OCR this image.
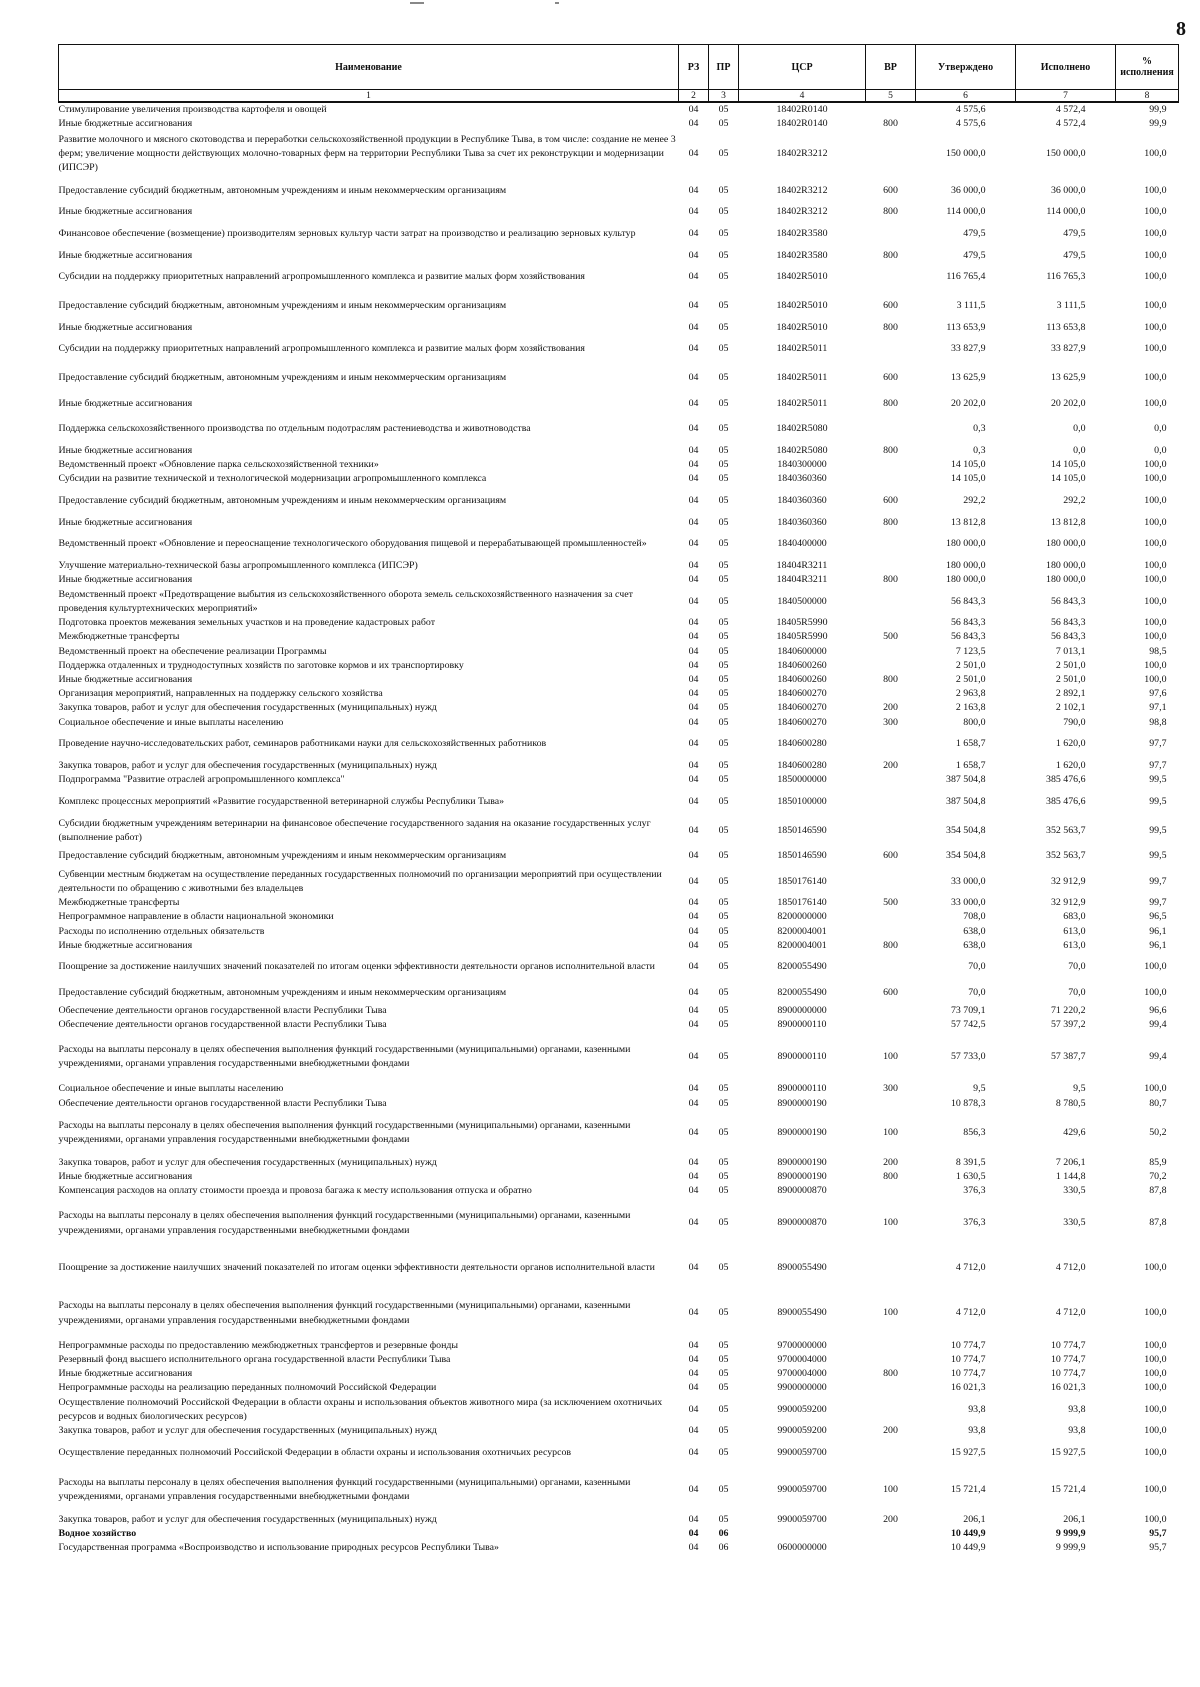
8
Наименование	РЗ	ПР	ЦСР	ВР	Утверждено	Исполнено	% исполнения
1	2	3	4	5	6	7	8
Стимулирование увеличения производства картофеля и овощей	04	05	18402R0140		4 575,6	4 572,4	99,9
Иные бюджетные ассигнования	04	05	18402R0140	800	4 575,6	4 572,4	99,9
Развитие молочного и мясного скотоводства и переработки сельскохозяйственной продукции в Республике Тыва, в том числе: создание не менее 3 ферм; увеличение мощности действующих молочно-товарных ферм на территории Республики Тыва за счет их реконструкции и модернизации (ИПСЭР)	04	05	18402R3212		150 000,0	150 000,0	100,0
Предоставление субсидий бюджетным, автономным учреждениям и иным некоммерческим организациям	04	05	18402R3212	600	36 000,0	36 000,0	100,0
Иные бюджетные ассигнования	04	05	18402R3212	800	114 000,0	114 000,0	100,0
Финансовое обеспечение (возмещение) производителям зерновых культур части затрат на производство и реализацию зерновых культур	04	05	18402R3580		479,5	479,5	100,0
Иные бюджетные ассигнования	04	05	18402R3580	800	479,5	479,5	100,0
Субсидии на поддержку приоритетных направлений агропромышленного комплекса и развитие малых форм хозяйствования	04	05	18402R5010		116 765,4	116 765,3	100,0
Предоставление субсидий бюджетным, автономным учреждениям и иным некоммерческим организациям	04	05	18402R5010	600	3 111,5	3 111,5	100,0
Иные бюджетные ассигнования	04	05	18402R5010	800	113 653,9	113 653,8	100,0
Субсидии на поддержку приоритетных направлений агропромышленного комплекса и развитие малых форм хозяйствования	04	05	18402R5011		33 827,9	33 827,9	100,0
Предоставление субсидий бюджетным, автономным учреждениям и иным некоммерческим организациям	04	05	18402R5011	600	13 625,9	13 625,9	100,0
Иные бюджетные ассигнования	04	05	18402R5011	800	20 202,0	20 202,0	100,0
Поддержка сельскохозяйственного производства по отдельным подотраслям растениеводства и животноводства	04	05	18402R5080		0,3	0,0	0,0
Иные бюджетные ассигнования	04	05	18402R5080	800	0,3	0,0	0,0
Ведомственный проект «Обновление парка сельскохозяйственной техники»	04	05	1840300000		14 105,0	14 105,0	100,0
Субсидии на развитие технической и технологической модернизации агропромышленного комплекса	04	05	1840360360		14 105,0	14 105,0	100,0
Предоставление субсидий бюджетным, автономным учреждениям и иным некоммерческим организациям	04	05	1840360360	600	292,2	292,2	100,0
Иные бюджетные ассигнования	04	05	1840360360	800	13 812,8	13 812,8	100,0
Ведомственный проект «Обновление и переоснащение технологического оборудования пищевой и перерабатывающей промышленностей»	04	05	1840400000		180 000,0	180 000,0	100,0
Улучшение материально-технической базы агропромышленного комплекса (ИПСЭР)	04	05	18404R3211		180 000,0	180 000,0	100,0
Иные бюджетные ассигнования	04	05	18404R3211	800	180 000,0	180 000,0	100,0
Ведомственный проект «Предотвращение выбытия из сельскохозяйственного оборота земель сельскохозяйственного назначения за счет проведения культуртехнических мероприятий»	04	05	1840500000		56 843,3	56 843,3	100,0
Подготовка проектов межевания земельных участков и на проведение кадастровых работ	04	05	18405R5990		56 843,3	56 843,3	100,0
Межбюджетные трансферты	04	05	18405R5990	500	56 843,3	56 843,3	100,0
Ведомственный проект на обеспечение реализации Программы	04	05	1840600000		7 123,5	7 013,1	98,5
Поддержка отдаленных и труднодоступных хозяйств по заготовке кормов и их транспортировку	04	05	1840600260		2 501,0	2 501,0	100,0
Иные бюджетные ассигнования	04	05	1840600260	800	2 501,0	2 501,0	100,0
Организация мероприятий, направленных на поддержку сельского хозяйства	04	05	1840600270		2 963,8	2 892,1	97,6
Закупка товаров, работ и услуг для обеспечения государственных (муниципальных) нужд	04	05	1840600270	200	2 163,8	2 102,1	97,1
Социальное обеспечение и иные выплаты населению	04	05	1840600270	300	800,0	790,0	98,8
Проведение научно-исследовательских работ, семинаров работниками науки для сельскохозяйственных работников	04	05	1840600280		1 658,7	1 620,0	97,7
Закупка товаров, работ и услуг для обеспечения государственных (муниципальных) нужд	04	05	1840600280	200	1 658,7	1 620,0	97,7
Подпрограмма "Развитие отраслей агропромышленного комплекса"	04	05	1850000000		387 504,8	385 476,6	99,5
Комплекс процессных мероприятий «Развитие государственной ветеринарной службы Республики Тыва»	04	05	1850100000		387 504,8	385 476,6	99,5
Субсидии бюджетным учреждениям ветеринарии на финансовое обеспечение государственного задания на оказание государственных услуг (выполнение работ)	04	05	1850146590		354 504,8	352 563,7	99,5
Предоставление субсидий бюджетным, автономным учреждениям и иным некоммерческим организациям	04	05	1850146590	600	354 504,8	352 563,7	99,5
Субвенции местным бюджетам на осуществление переданных государственных полномочий по организации мероприятий при осуществлении деятельности по обращению с животными без владельцев	04	05	1850176140		33 000,0	32 912,9	99,7
Межбюджетные трансферты	04	05	1850176140	500	33 000,0	32 912,9	99,7
Непрограммное направление в области национальной экономики	04	05	8200000000		708,0	683,0	96,5
Расходы по исполнению отдельных обязательств	04	05	8200004001		638,0	613,0	96,1
Иные бюджетные ассигнования	04	05	8200004001	800	638,0	613,0	96,1
Поощрение за достижение наилучших значений показателей по итогам оценки эффективности деятельности органов исполнительной власти	04	05	8200055490		70,0	70,0	100,0
Предоставление субсидий бюджетным, автономным учреждениям и иным некоммерческим организациям	04	05	8200055490	600	70,0	70,0	100,0
Обеспечение деятельности органов государственной власти Республики Тыва	04	05	8900000000		73 709,1	71 220,2	96,6
Обеспечение деятельности органов государственной власти Республики Тыва	04	05	8900000110		57 742,5	57 397,2	99,4
Расходы на выплаты персоналу в целях обеспечения выполнения функций государственными (муниципальными) органами, казенными учреждениями, органами управления государственными внебюджетными фондами	04	05	8900000110	100	57 733,0	57 387,7	99,4
Социальное обеспечение и иные выплаты населению	04	05	8900000110	300	9,5	9,5	100,0
Обеспечение деятельности органов государственной власти Республики Тыва	04	05	8900000190		10 878,3	8 780,5	80,7
Расходы на выплаты персоналу в целях обеспечения выполнения функций государственными (муниципальными) органами, казенными учреждениями, органами управления государственными внебюджетными фондами	04	05	8900000190	100	856,3	429,6	50,2
Закупка товаров, работ и услуг для обеспечения государственных (муниципальных) нужд	04	05	8900000190	200	8 391,5	7 206,1	85,9
Иные бюджетные ассигнования	04	05	8900000190	800	1 630,5	1 144,8	70,2
Компенсация расходов на оплату стоимости проезда и провоза багажа к месту использования отпуска и обратно	04	05	8900000870		376,3	330,5	87,8
Расходы на выплаты персоналу в целях обеспечения выполнения функций государственными (муниципальными) органами, казенными учреждениями, органами управления государственными внебюджетными фондами	04	05	8900000870	100	376,3	330,5	87,8
Поощрение за достижение наилучших значений показателей по итогам оценки эффективности деятельности органов исполнительной власти	04	05	8900055490		4 712,0	4 712,0	100,0
Расходы на выплаты персоналу в целях обеспечения выполнения функций государственными (муниципальными) органами, казенными учреждениями, органами управления государственными внебюджетными фондами	04	05	8900055490	100	4 712,0	4 712,0	100,0
Непрограммные расходы по предоставлению межбюджетных трансфертов и резервные фонды	04	05	9700000000		10 774,7	10 774,7	100,0
Резервный фонд высшего исполнительного органа государственной власти Республики Тыва	04	05	9700004000		10 774,7	10 774,7	100,0
Иные бюджетные ассигнования	04	05	9700004000	800	10 774,7	10 774,7	100,0
Непрограммные расходы на реализацию переданных полномочий Российской Федерации	04	05	9900000000		16 021,3	16 021,3	100,0
Осуществление полномочий Российской Федерации в области охраны и использования объектов животного мира (за исключением охотничьих ресурсов и водных биологических ресурсов)	04	05	9900059200		93,8	93,8	100,0
Закупка товаров, работ и услуг для обеспечения государственных (муниципальных) нужд	04	05	9900059200	200	93,8	93,8	100,0
Осуществление переданных полномочий Российской Федерации в области охраны и использования охотничьих ресурсов	04	05	9900059700		15 927,5	15 927,5	100,0
Расходы на выплаты персоналу в целях обеспечения выполнения функций государственными (муниципальными) органами, казенными учреждениями, органами управления государственными внебюджетными фондами	04	05	9900059700	100	15 721,4	15 721,4	100,0
Закупка товаров, работ и услуг для обеспечения государственных (муниципальных) нужд	04	05	9900059700	200	206,1	206,1	100,0
Водное хозяйство	04	06			10 449,9	9 999,9	95,7
Государственная программа «Воспроизводство и использование природных ресурсов Республики Тыва»	04	06	0600000000		10 449,9	9 999,9	95,7
